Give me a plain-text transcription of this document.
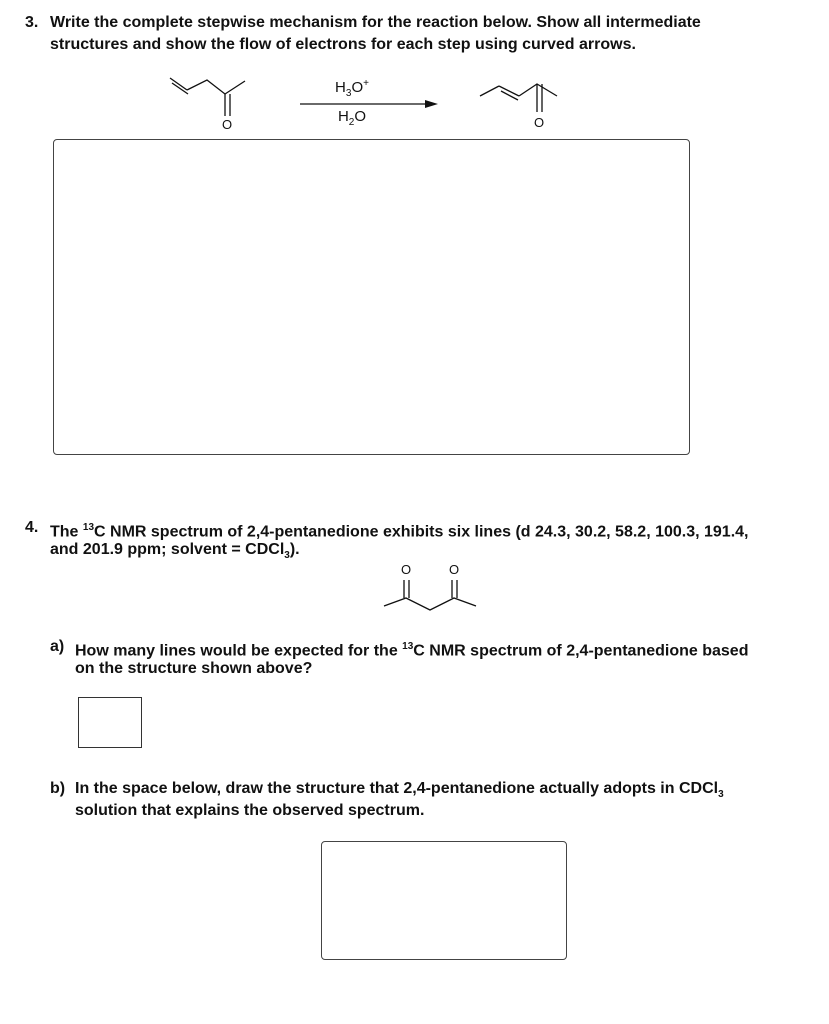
3. Write the complete stepwise mechanism for the reaction below. Show all intermediate
structures and show the flow of electrons for each step using curved arrows.
O
$H_3O^+$
$H_2O$	O
4. The $^{13}$C NMR spectrum of 2,4-pentanedione exhibits six lines (d 24.3, 30.2, 58.2, 100.3, 191.4,
and 201.9 ppm; solvent = CDCl$_3$).
O	O
a) How many lines would be expected for the $^{13}$C NMR spectrum of 2,4-pentanedione based
on the structure shown above?
b) In the space below, draw the structure that 2,4-pentanedione actually adopts in CDCl$_3$
solution that explains the observed spectrum.
